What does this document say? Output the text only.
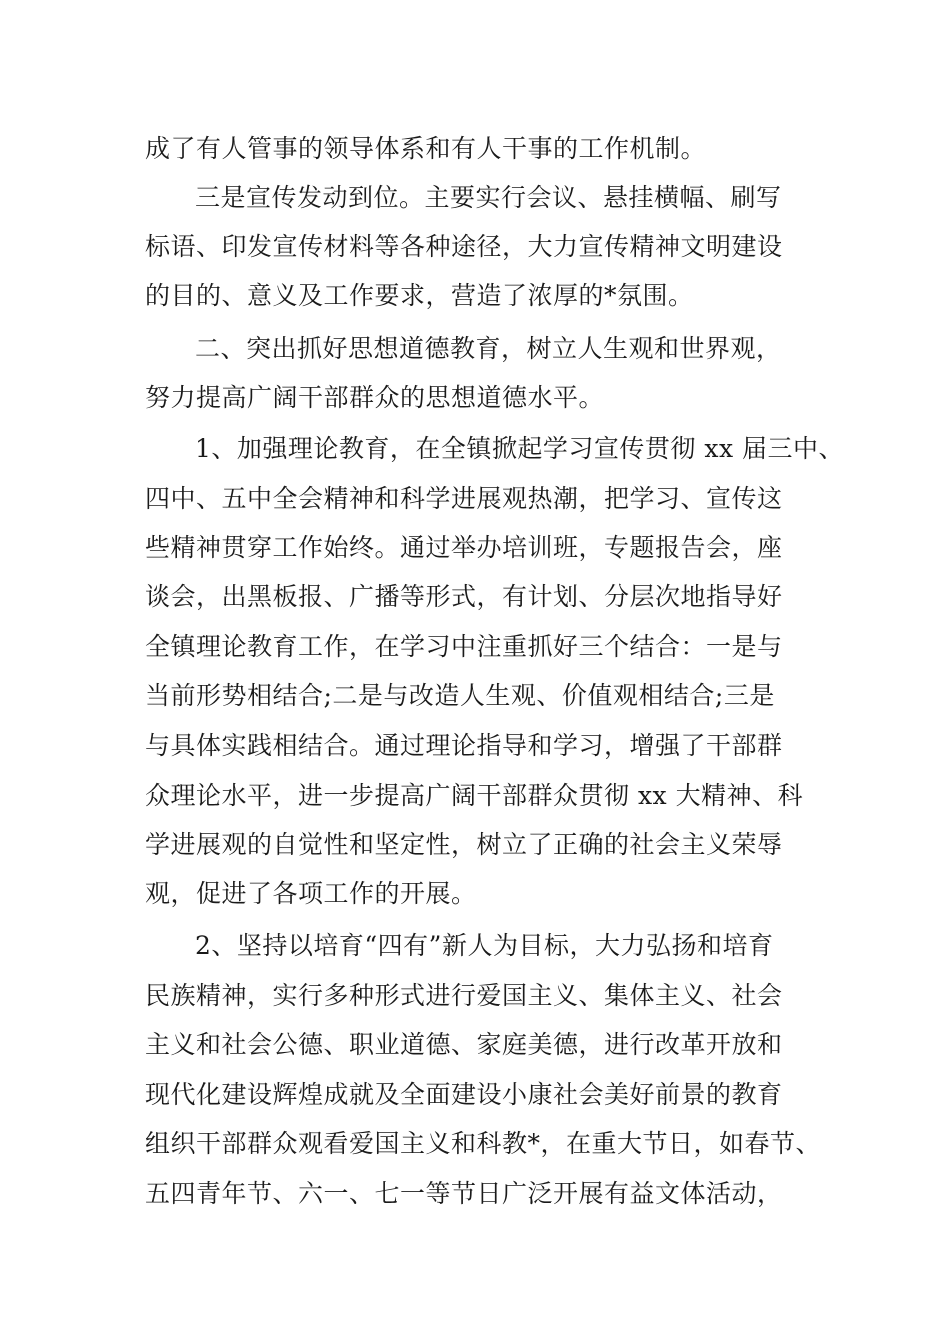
成了有人管事的领导体系和有人干事的工作机制。
三是宣传发动到位。主要实行会议、悬挂横幅、刷写
标语、印发宣传材料等各种途径，大力宣传精神文明建设
的目的、意义及工作要求，营造了浓厚的*氛围。
二、突出抓好思想道德教育，树立人生观和世界观，
努力提高广阔干部群众的思想道德水平。
1、加强理论教育，在全镇掀起学习宣传贯彻 xx 届三中、
四中、五中全会精神和科学进展观热潮，把学习、宣传这
些精神贯穿工作始终。通过举办培训班，专题报告会，座
谈会，出黑板报、广播等形式，有计划、分层次地指导好
全镇理论教育工作，在学习中注重抓好三个结合：一是与
当前形势相结合;二是与改造人生观、价值观相结合;三是
与具体实践相结合。通过理论指导和学习，增强了干部群
众理论水平，进一步提高广阔干部群众贯彻 xx 大精神、科
学进展观的自觉性和坚定性，树立了正确的社会主义荣辱
观，促进了各项工作的开展。
2、坚持以培育“四有”新人为目标，大力弘扬和培育
民族精神，实行多种形式进行爱国主义、集体主义、社会
主义和社会公德、职业道德、家庭美德，进行改革开放和
现代化建设辉煌成就及全面建设小康社会美好前景的教育
组织干部群众观看爱国主义和科教*，在重大节日，如春节、
五四青年节、六一、七一等节日广泛开展有益文体活动，
